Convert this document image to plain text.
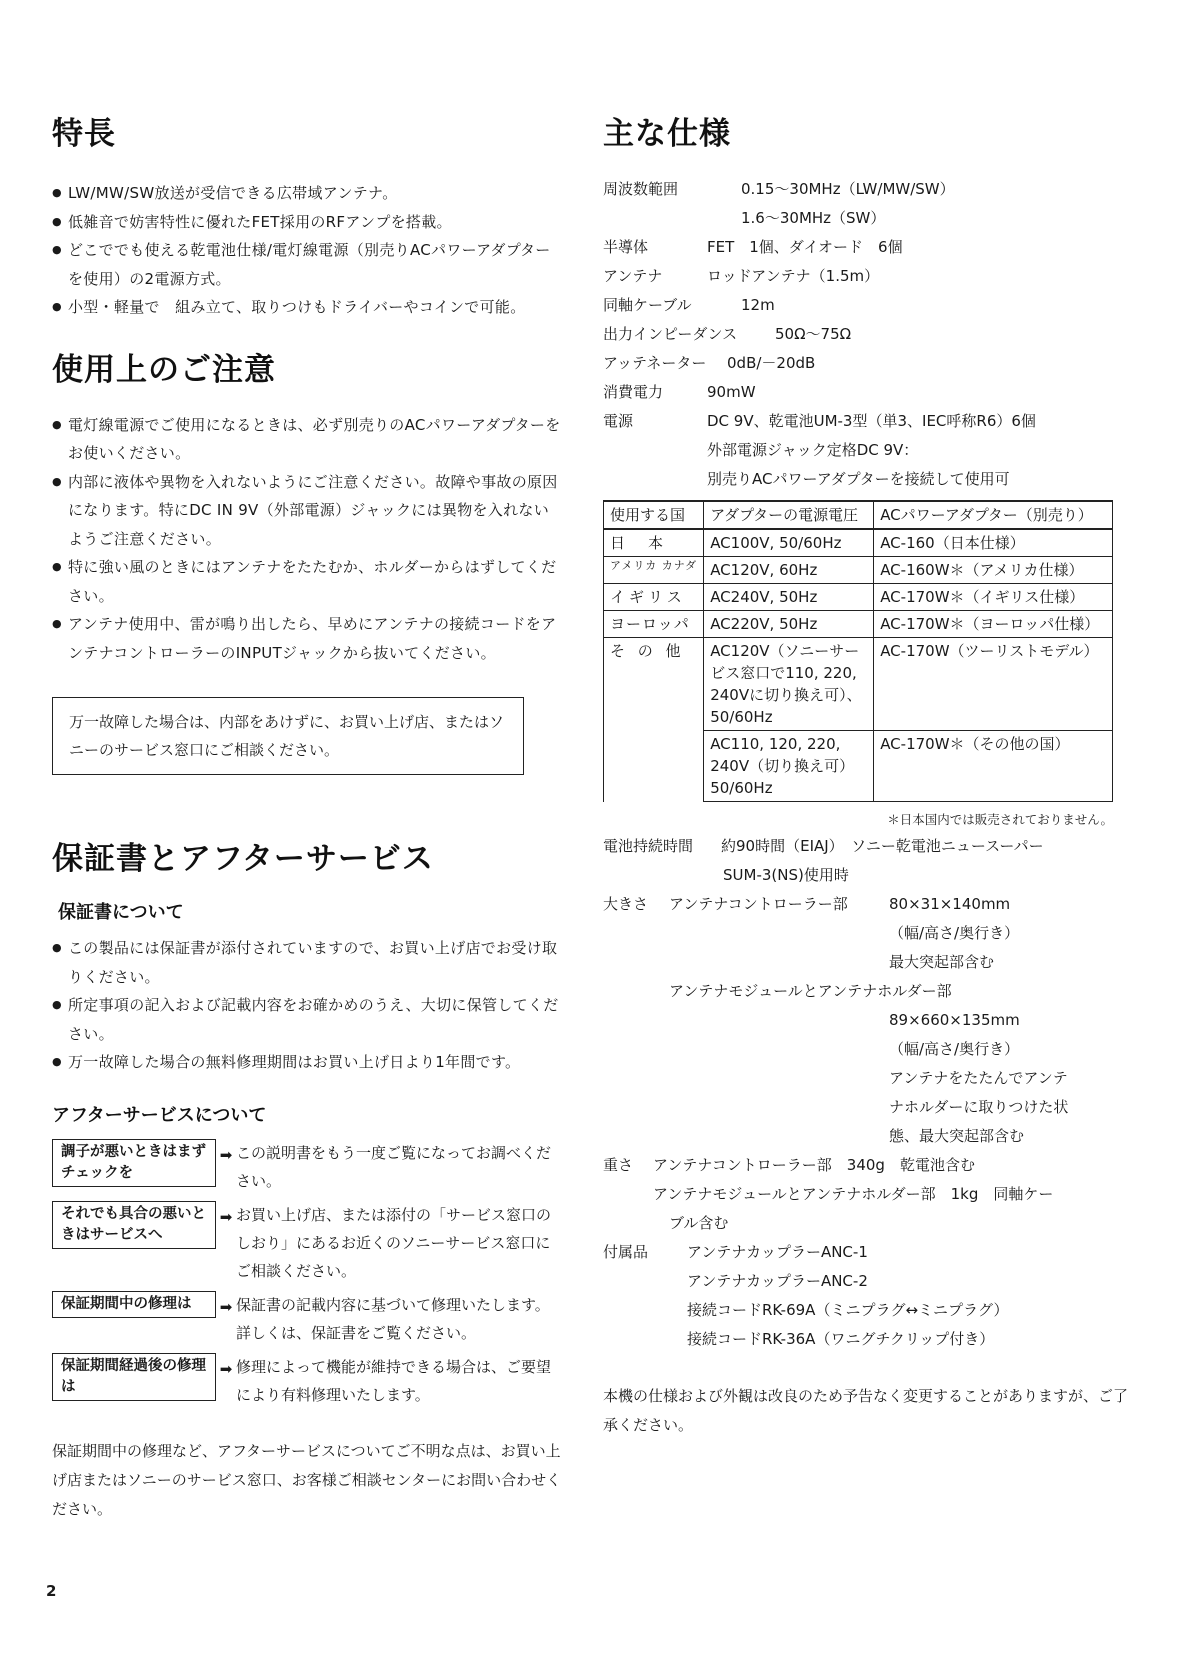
特長
● LW/MW/SW放送が受信できる広帯域アンテナ。
● 低雑音で妨害特性に優れたFET採用のRFアンプを搭載。
● どこででも使える乾電池仕様/電灯線電源（別売りACパワーアダプターを使用）の2電源方式。
● 小型・軽量で　組み立て、取りつけもドライバーやコインで可能。
使用上のご注意
● 電灯線電源でご使用になるときは、必ず別売りのACパワーアダプターをお使いください。
● 内部に液体や異物を入れないようにご注意ください。故障や事故の原因になります。特にDC IN 9V（外部電源）ジャックには異物を入れないようご注意ください。
● 特に強い風のときにはアンテナをたたむか、ホルダーからはずしてください。
● アンテナ使用中、雷が鳴り出したら、早めにアンテナの接続コードをアンテナコントローラーのINPUTジャックから抜いてください。
万一故障した場合は、内部をあけずに、お買い上げ店、またはソニーのサービス窓口にご相談ください。
保証書とアフターサービス
保証書について
● この製品には保証書が添付されていますので、お買い上げ店でお受け取りください。
● 所定事項の記入および記載内容をお確かめのうえ、大切に保管してください。
● 万一故障した場合の無料修理期間はお買い上げ日より1年間です。
アフターサービスについて
調子が悪いときはまずチェックを
➡ この説明書をもう一度ご覧になってお調べください。
それでも具合の悪いときはサービスへ
➡ お買い上げ店、または添付の「サービス窓口のしおり」にあるお近くのソニーサービス窓口にご相談ください。
保証期間中の修理は	➡ 保証書の記載内容に基づいて修理いたします。詳しくは、保証書をご覧ください。
保証期間経過後の修理は
➡ 修理によって機能が維持できる場合は、ご要望により有料修理いたします。

保証期間中の修理など、アフターサービスについてご不明な点は、お買い上げ店またはソニーのサービス窓口、お客様ご相談センターにお問い合わせください。

主な仕様
周波数範囲	0.15～30MHz（LW/MW/SW）
1.6～30MHz（SW）
半導体	FET　1個、ダイオード　6個
アンテナ	ロッドアンテナ（1.5m）
同軸ケーブル	12m
出力インピーダンス	50Ω～75Ω
アッテネーター	0dB/－20dB
消費電力	90mW
電源	DC 9V、乾電池UM-3型（単3、IEC呼称R6）6個
外部電源ジャック定格DC 9V：
別売りACパワーアダプターを接続して使用可
使用する国	アダプターの電源電圧	ACパワーアダプター（別売り）
日　本	AC100V, 50/60Hz	AC-160（日本仕様）
アメリカ カナダ	AC120V, 60Hz	AC-160W＊（アメリカ仕様）
イギリス	AC240V, 50Hz	AC-170W＊（イギリス仕様）
ヨーロッパ	AC220V, 50Hz	AC-170W＊（ヨーロッパ仕様）
そ の 他	AC120V（ソニーサービス窓口で110, 220, 240Vに切り換え可）、50/60Hz	AC-170W（ツーリストモデル）
	AC110, 120, 220, 240V（切り換え可）50/60Hz	AC-170W＊（その他の国）
＊日本国内では販売されておりません。
電池持続時間	約90時間（EIAJ）　ソニー乾電池ニュースーパー
SUM-3(NS)使用時
大きさ	アンテナコントローラー部	80×31×140mm
（幅/高さ/奥行き）
最大突起部含む
アンテナモジュールとアンテナホルダー部
89×660×135mm
（幅/高さ/奥行き）
アンテナをたたんでアンテ
ナホルダーに取りつけた状
態、最大突起部含む
重さ	アンテナコントローラー部　340g　乾電池含む
アンテナモジュールとアンテナホルダー部　1kg　同軸ケー
ブル含む
付属品	アンテナカップラーANC-1
アンテナカップラーANC-2
接続コードRK-69A（ミニプラグ↔ミニプラグ）
接続コードRK-36A（ワニグチクリップ付き）

本機の仕様および外観は改良のため予告なく変更することがありますが、ご了承ください。

2
